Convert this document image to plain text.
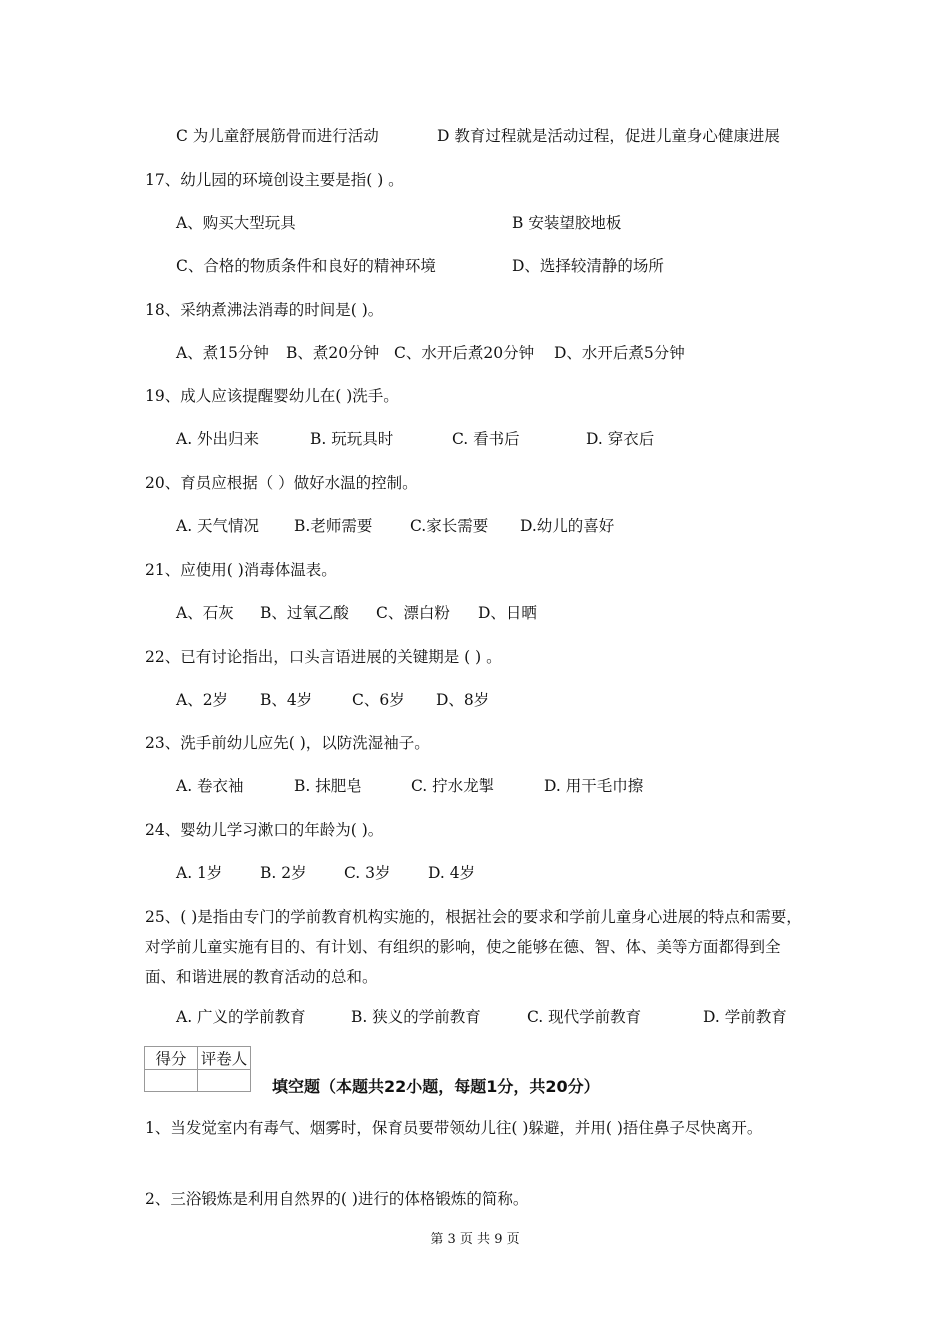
C 为儿童舒展筋骨而进行活动	D 教育过程就是活动过程，促进儿童身心健康进展
17、幼儿园的环境创设主要是指( ) 。
A、购买大型玩具	B 安装望胶地板
C、合格的物质条件和良好的精神环境	D、选择较清静的场所
18、采纳煮沸法消毒的时间是( )。
A、煮15分钟 B、煮20分钟 C、水开后煮20分钟 D、水开后煮5分钟
19、成人应该提醒婴幼儿在( )洗手。
A. 外出归来	B. 玩玩具时	C. 看书后	D. 穿衣后
20、育员应根据（ ）做好水温的控制。
A. 天气情况 B.老师需要 C.家长需要 D.幼儿的喜好
21、应使用( )消毒体温表。
A、石灰 B、过氧乙酸 C、漂白粉 D、日晒
22、已有讨论指出，口头言语进展的关键期是 ( ) 。
A、2岁 B、4岁	C、6岁 D、8岁
23、洗手前幼儿应先( )，以防洗湿袖子。
A. 卷衣袖	B. 抹肥皂	C. 拧水龙掣	D. 用干毛巾擦
24、婴幼儿学习漱口的年龄为( )。
A. 1岁 B. 2岁 C. 3岁 D. 4岁
25、( )是指由专门的学前教育机构实施的，根据社会的要求和学前儿童身心进展的特点和需要，对学前儿童实施有目的、有计划、有组织的影响，使之能够在德、智、体、美等方面都得到全面、和谐进展的教育活动的总和。
A. 广义的学前教育	B. 狭义的学前教育	C. 现代学前教育	D. 学前教育
得分	评卷人

填空题（本题共22小题，每题1分，共20分）
1、当发觉室内有毒气、烟雾时，保育员要带领幼儿往( )躲避，并用( )捂住鼻子尽快离开。
2、三浴锻炼是利用自然界的( )进行的体格锻炼的简称。
第 3 页 共 9 页
